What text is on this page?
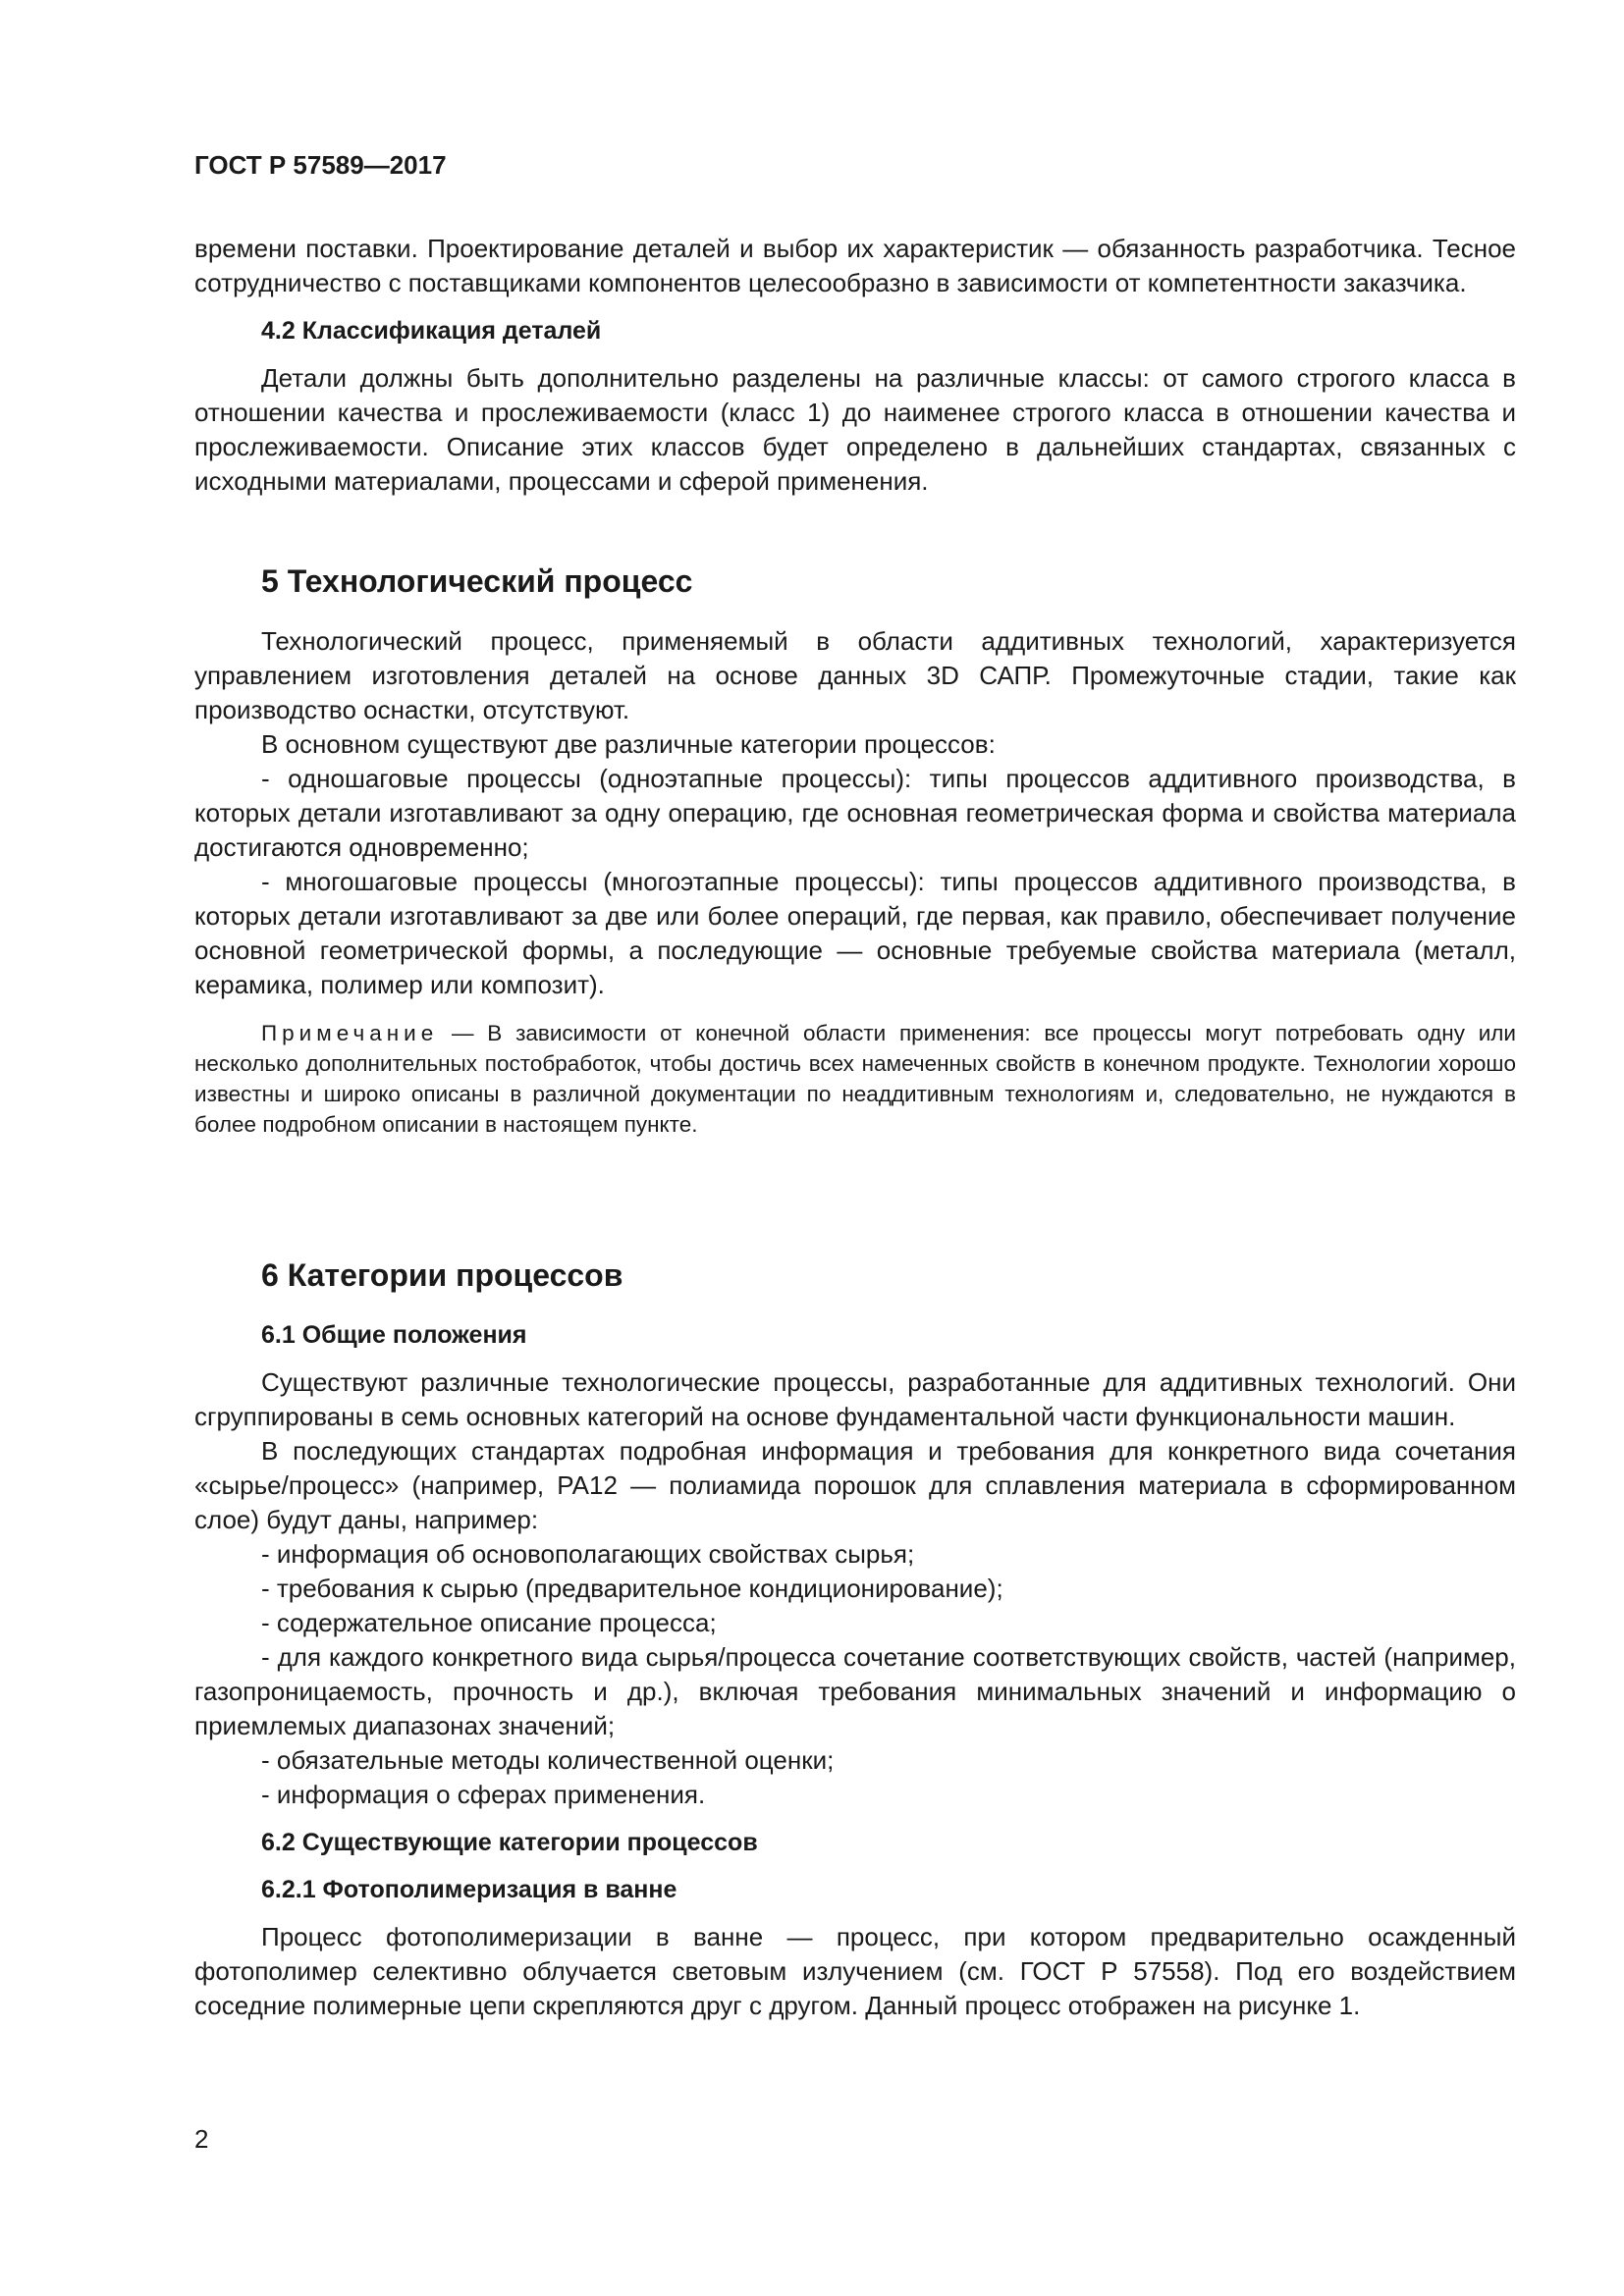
ГОСТ Р 57589—2017

времени поставки. Проектирование деталей и выбор их характеристик — обязанность разработчика. Тесное сотрудничество с поставщиками компонентов целесообразно в зависимости от компетентности заказчика.

4.2 Классификация деталей

Детали должны быть дополнительно разделены на различные классы: от самого строгого класса в отношении качества и прослеживаемости (класс 1) до наименее строгого класса в отношении качества и прослеживаемости. Описание этих классов будет определено в дальнейших стандартах, связанных с исходными материалами, процессами и сферой применения.

5 Технологический процесс

Технологический процесс, применяемый в области аддитивных технологий, характеризуется управлением изготовления деталей на основе данных 3D САПР. Промежуточные стадии, такие как производство оснастки, отсутствуют.

В основном существуют две различные категории процессов:

- одношаговые процессы (одноэтапные процессы): типы процессов аддитивного производства, в которых детали изготавливают за одну операцию, где основная геометрическая форма и свойства материала достигаются одновременно;

- многошаговые процессы (многоэтапные процессы): типы процессов аддитивного производства, в которых детали изготавливают за две или более операций, где первая, как правило, обеспечивает получение основной геометрической формы, а последующие — основные требуемые свойства материала (металл, керамика, полимер или композит).

Примечание — В зависимости от конечной области применения: все процессы могут потребовать одну или несколько дополнительных постобработок, чтобы достичь всех намеченных свойств в конечном продукте. Технологии хорошо известны и широко описаны в различной документации по неаддитивным технологиям и, следовательно, не нуждаются в более подробном описании в настоящем пункте.
6 Категории процессов
6.1 Общие положения

Существуют различные технологические процессы, разработанные для аддитивных технологий. Они сгруппированы в семь основных категорий на основе фундаментальной части функциональности машин.

В последующих стандартах подробная информация и требования для конкретного вида сочетания «сырье/процесс» (например, PA12 — полиамида порошок для сплавления материала в сформированном слое) будут даны, например:

- информация об основополагающих свойствах сырья;

- требования к сырью (предварительное кондиционирование);

- содержательное описание процесса;

- для каждого конкретного вида сырья/процесса сочетание соответствующих свойств, частей (например, газопроницаемость, прочность и др.), включая требования минимальных значений и информацию о приемлемых диапазонах значений;

- обязательные методы количественной оценки;

- информация о сферах применения.

6.2 Существующие категории процессов
6.2.1 Фотополимеризация в ванне

Процесс фотополимеризации в ванне — процесс, при котором предварительно осажденный фотополимер селективно облучается световым излучением (см. ГОСТ Р 57558). Под его воздействием соседние полимерные цепи скрепляются друг с другом. Данный процесс отображен на рисунке 1.

2
